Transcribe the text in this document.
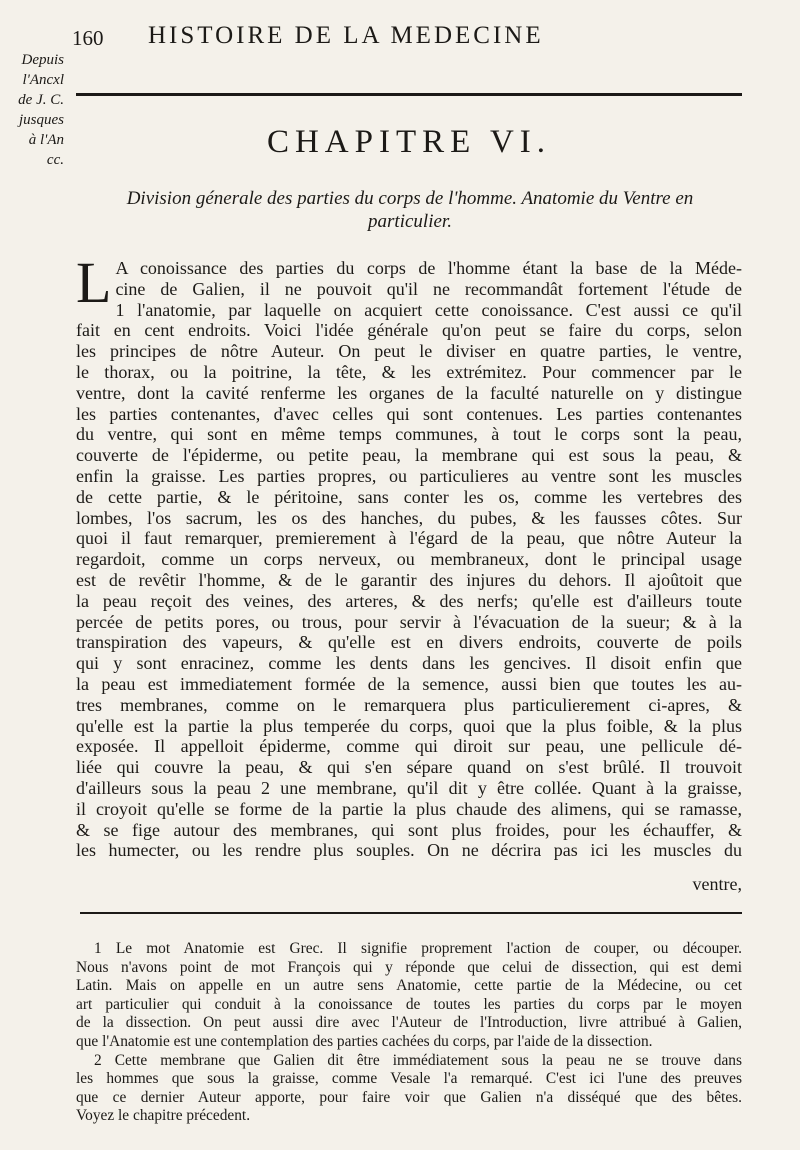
Depuis
l'Ancxl
de J. C.
jusques
à l'An
cc.
160 HISTOIRE DE LA MEDECINE
CHAPITRE VI.
Division génerale des parties du corps de l'homme. Anatomie du Ventre en particulier.
L A conoissance des parties du corps de l'homme étant la base de la Méde-
cine de Galien, il ne pouvoit qu'il ne recommandât fortement l'étude de
1 l'anatomie, par laquelle on acquiert cette conoissance. C'est aussi ce qu'il
fait en cent endroits. Voici l'idée générale qu'on peut se faire du corps, selon
les principes de nôtre Auteur. On peut le diviser en quatre parties, le ventre,
le thorax, ou la poitrine, la tête, & les extrémitez. Pour commencer par le
ventre, dont la cavité renferme les organes de la faculté naturelle on y distingue
les parties contenantes, d'avec celles qui sont contenues. Les parties contenantes
du ventre, qui sont en même temps communes, à tout le corps sont la peau,
couverte de l'épiderme, ou petite peau, la membrane qui est sous la peau, &
enfin la graisse. Les parties propres, ou particulieres au ventre sont les muscles
de cette partie, & le péritoine, sans conter les os, comme les vertebres des
lombes, l'os sacrum, les os des hanches, du pubes, & les fausses côtes. Sur
quoi il faut remarquer, premierement à l'égard de la peau, que nôtre Auteur la
regardoit, comme un corps nerveux, ou membraneux, dont le principal usage
est de revêtir l'homme, & de le garantir des injures du dehors. Il ajoûtoit que
la peau reçoit des veines, des arteres, & des nerfs; qu'elle est d'ailleurs toute
percée de petits pores, ou trous, pour servir à l'évacuation de la sueur; & à la
transpiration des vapeurs, & qu'elle est en divers endroits, couverte de poils
qui y sont enracinez, comme les dents dans les gencives. Il disoit enfin que
la peau est immediatement formée de la semence, aussi bien que toutes les au-
tres membranes, comme on le remarquera plus particulierement ci-apres, &
qu'elle est la partie la plus temperée du corps, quoi que la plus foible, & la plus
exposée. Il appelloit épiderme, comme qui diroit sur peau, une pellicule dé-
liée qui couvre la peau, & qui s'en sépare quand on s'est brûlé. Il trouvoit
d'ailleurs sous la peau 2 une membrane, qu'il dit y être collée. Quant à la graisse,
il croyoit qu'elle se forme de la partie la plus chaude des alimens, qui se ramasse,
& se fige autour des membranes, qui sont plus froides, pour les échauffer, &
les humecter, ou les rendre plus souples. On ne décrira pas ici les muscles du
ventre,
1 Le mot Anatomie est Grec. Il signifie proprement l'action de couper, ou découper.
Nous n'avons point de mot François qui y réponde que celui de dissection, qui est demi
Latin. Mais on appelle en un autre sens Anatomie, cette partie de la Médecine, ou cet
art particulier qui conduit à la conoissance de toutes les parties du corps par le moyen
de la dissection. On peut aussi dire avec l'Auteur de l'Introduction, livre attribué à Galien,
que l'Anatomie est une contemplation des parties cachées du corps, par l'aide de la dissection.
2 Cette membrane que Galien dit être immédiatement sous la peau ne se trouve dans
les hommes que sous la graisse, comme Vesale l'a remarqué. C'est ici l'une des preuves
que ce dernier Auteur apporte, pour faire voir que Galien n'a disséqué que des bêtes.
Voyez le chapitre précedent.
